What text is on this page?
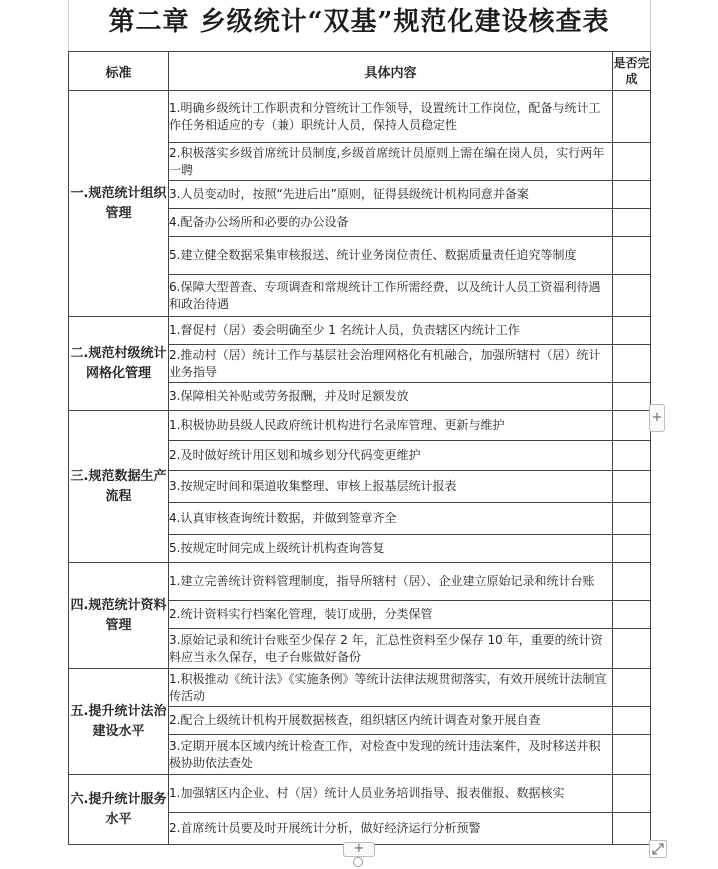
第二章 乡级统计“双基”规范化建设核查表
标准	具体内容	是否完成
一.规范统计组织管理	1.明确乡级统计工作职责和分管统计工作领导，设置统计工作岗位，配备与统计工作任务相适应的专（兼）职统计人员，保持人员稳定性	
	2.积极落实乡级首席统计员制度,乡级首席统计员原则上需在编在岗人员，实行两年一聘	
	3.人员变动时，按照“先进后出”原则，征得县级统计机构同意并备案	
	4.配备办公场所和必要的办公设备	
	5.建立健全数据采集审核报送、统计业务岗位责任、数据质量责任追究等制度	
	6.保障大型普查、专项调查和常规统计工作所需经费，以及统计人员工资福利待遇和政治待遇	
二.规范村级统计网格化管理	1.督促村（居）委会明确至少 1 名统计人员，负责辖区内统计工作	
	2.推动村（居）统计工作与基层社会治理网格化有机融合，加强所辖村（居）统计业务指导	
	3.保障相关补贴或劳务报酬，并及时足额发放	
三.规范数据生产流程	1.积极协助县级人民政府统计机构进行名录库管理、更新与维护	
	2.及时做好统计用区划和城乡划分代码变更维护	
	3.按规定时间和渠道收集整理、审核上报基层统计报表	
	4.认真审核查询统计数据，并做到签章齐全	
	5.按规定时间完成上级统计机构查询答复	
四.规范统计资料管理	1.建立完善统计资料管理制度，指导所辖村（居）、企业建立原始记录和统计台账	
	2.统计资料实行档案化管理，装订成册，分类保管	
	3.原始记录和统计台账至少保存 2 年，汇总性资料至少保存 10 年，重要的统计资料应当永久保存，电子台账做好备份	
五.提升统计法治建设水平	1.积极推动《统计法》《实施条例》等统计法律法规贯彻落实，有效开展统计法制宣传活动	
	2.配合上级统计机构开展数据核查，组织辖区内统计调查对象开展自查	
	3.定期开展本区域内统计检查工作，对检查中发现的统计违法案件，及时移送并积极协助依法查处	
六.提升统计服务水平	1.加强辖区内企业、村（居）统计人员业务培训指导、报表催报、数据核实	
	2.首席统计员要及时开展统计分析，做好经济运行分析预警	
+
+
